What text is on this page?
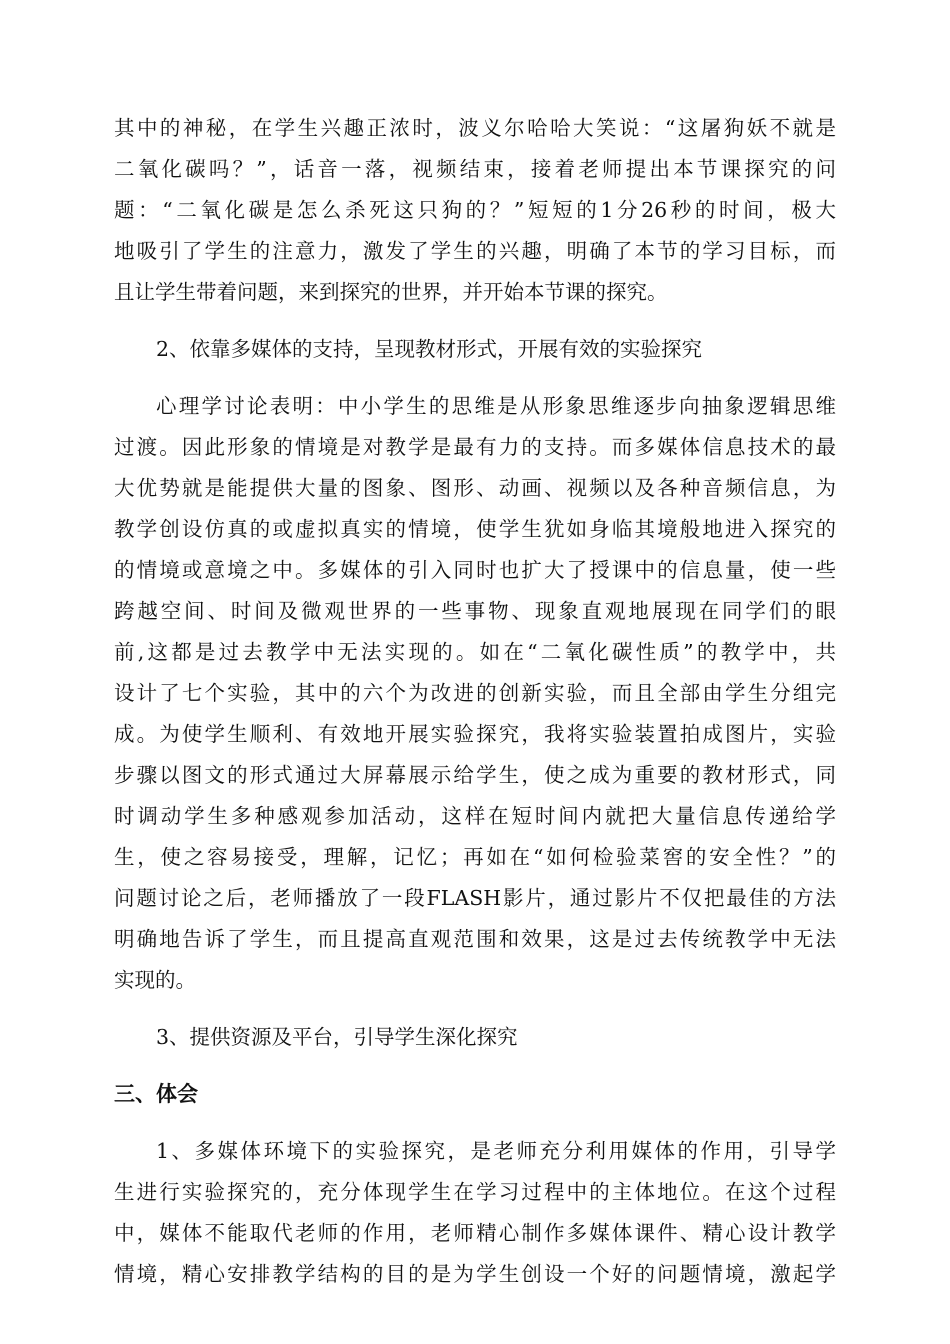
其中的神秘，在学生兴趣正浓时，波义尔哈哈大笑说：“这屠狗妖不就是
二氧化碳吗？”，话音一落，视频结束，接着老师提出本节课探究的问
题：“二氧化碳是怎么杀死这只狗的？”短短的1分26秒的时间，极大
地吸引了学生的注意力，激发了学生的兴趣，明确了本节的学习目标，而
且让学生带着问题，来到探究的世界，并开始本节课的探究。
2、依靠多媒体的支持，呈现教材形式，开展有效的实验探究
心理学讨论表明：中小学生的思维是从形象思维逐步向抽象逻辑思维
过渡。因此形象的情境是对教学是最有力的支持。而多媒体信息技术的最
大优势就是能提供大量的图象、图形、动画、视频以及各种音频信息，为
教学创设仿真的或虚拟真实的情境，使学生犹如身临其境般地进入探究的
的情境或意境之中。多媒体的引入同时也扩大了授课中的信息量，使一些
跨越空间、时间及微观世界的一些事物、现象直观地展现在同学们的眼
前,这都是过去教学中无法实现的。如在“二氧化碳性质”的教学中，共
设计了七个实验，其中的六个为改进的创新实验，而且全部由学生分组完
成。为使学生顺利、有效地开展实验探究，我将实验装置拍成图片，实验
步骤以图文的形式通过大屏幕展示给学生，使之成为重要的教材形式，同
时调动学生多种感观参加活动，这样在短时间内就把大量信息传递给学
生，使之容易接受，理解，记忆；再如在“如何检验菜窖的安全性？”的
问题讨论之后，老师播放了一段FLASH影片，通过影片不仅把最佳的方法
明确地告诉了学生，而且提高直观范围和效果，这是过去传统教学中无法
实现的。
3、提供资源及平台，引导学生深化探究
三、体会
1、多媒体环境下的实验探究，是老师充分利用媒体的作用，引导学
生进行实验探究的，充分体现学生在学习过程中的主体地位。在这个过程
中，媒体不能取代老师的作用，老师精心制作多媒体课件、精心设计教学
情境，精心安排教学结构的目的是为学生创设一个好的问题情境，激起学
